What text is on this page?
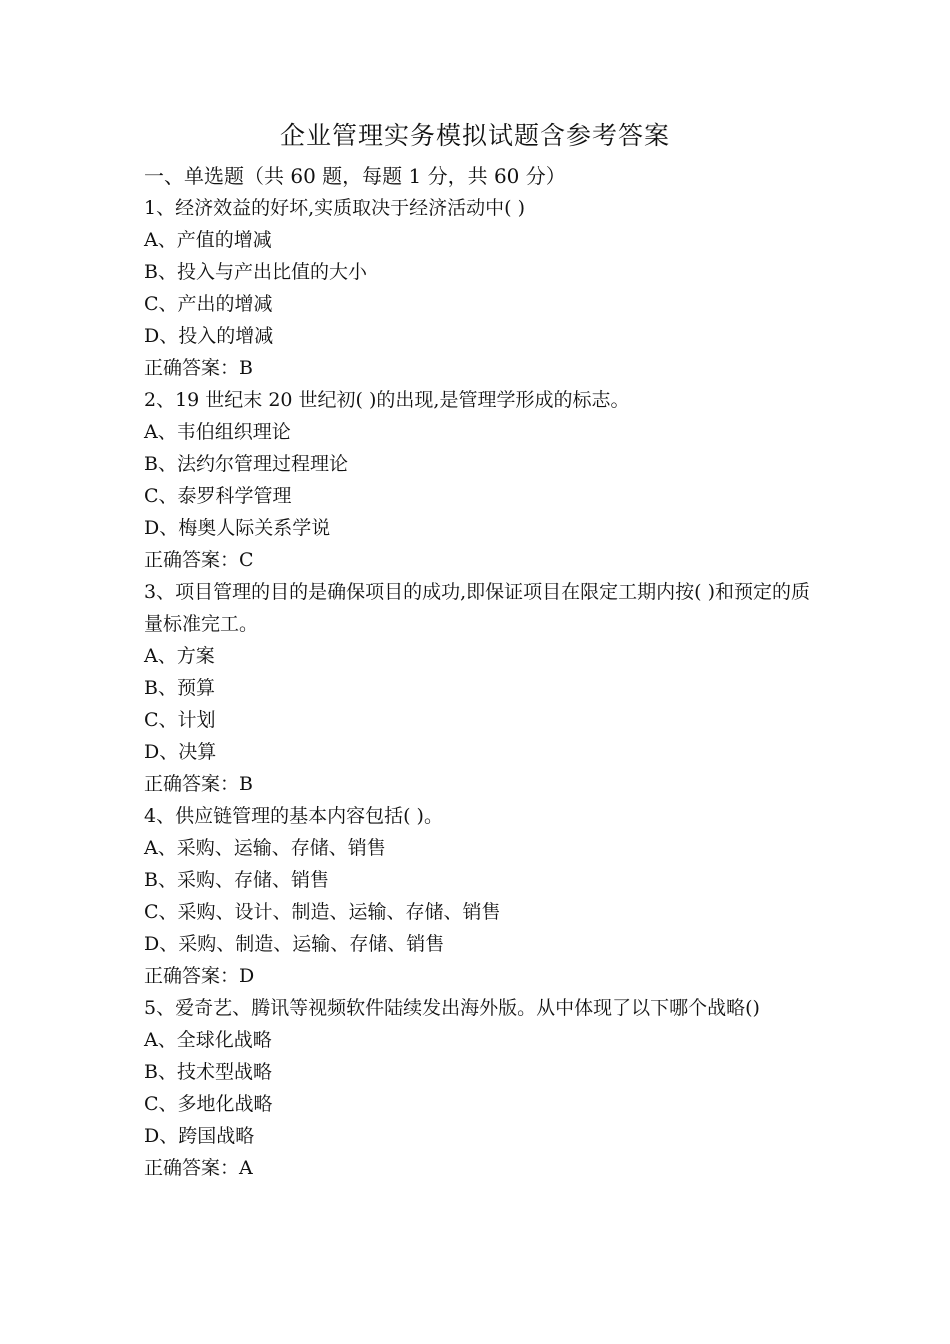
企业管理实务模拟试题含参考答案

一、单选题（共 60 题，每题 1 分，共 60 分）

1、经济效益的好坏,实质取决于经济活动中( )

A、产值的增减

B、投入与产出比值的大小

C、产出的增减

D、投入的增减

正确答案：B

2、19 世纪末 20 世纪初( )的出现,是管理学形成的标志。

A、韦伯组织理论

B、法约尔管理过程理论

C、泰罗科学管理

D、梅奥人际关系学说

正确答案：C

3、项目管理的目的是确保项目的成功,即保证项目在限定工期内按( )和预定的质量标准完工。

A、方案

B、预算

C、计划

D、决算

正确答案：B

4、供应链管理的基本内容包括( )。

A、采购、运输、存储、销售

B、采购、存储、销售

C、采购、设计、制造、运输、存储、销售

D、采购、制造、运输、存储、销售

正确答案：D

5、爱奇艺、腾讯等视频软件陆续发出海外版。从中体现了以下哪个战略()

A、全球化战略

B、技术型战略

C、多地化战略

D、跨国战略

正确答案：A
